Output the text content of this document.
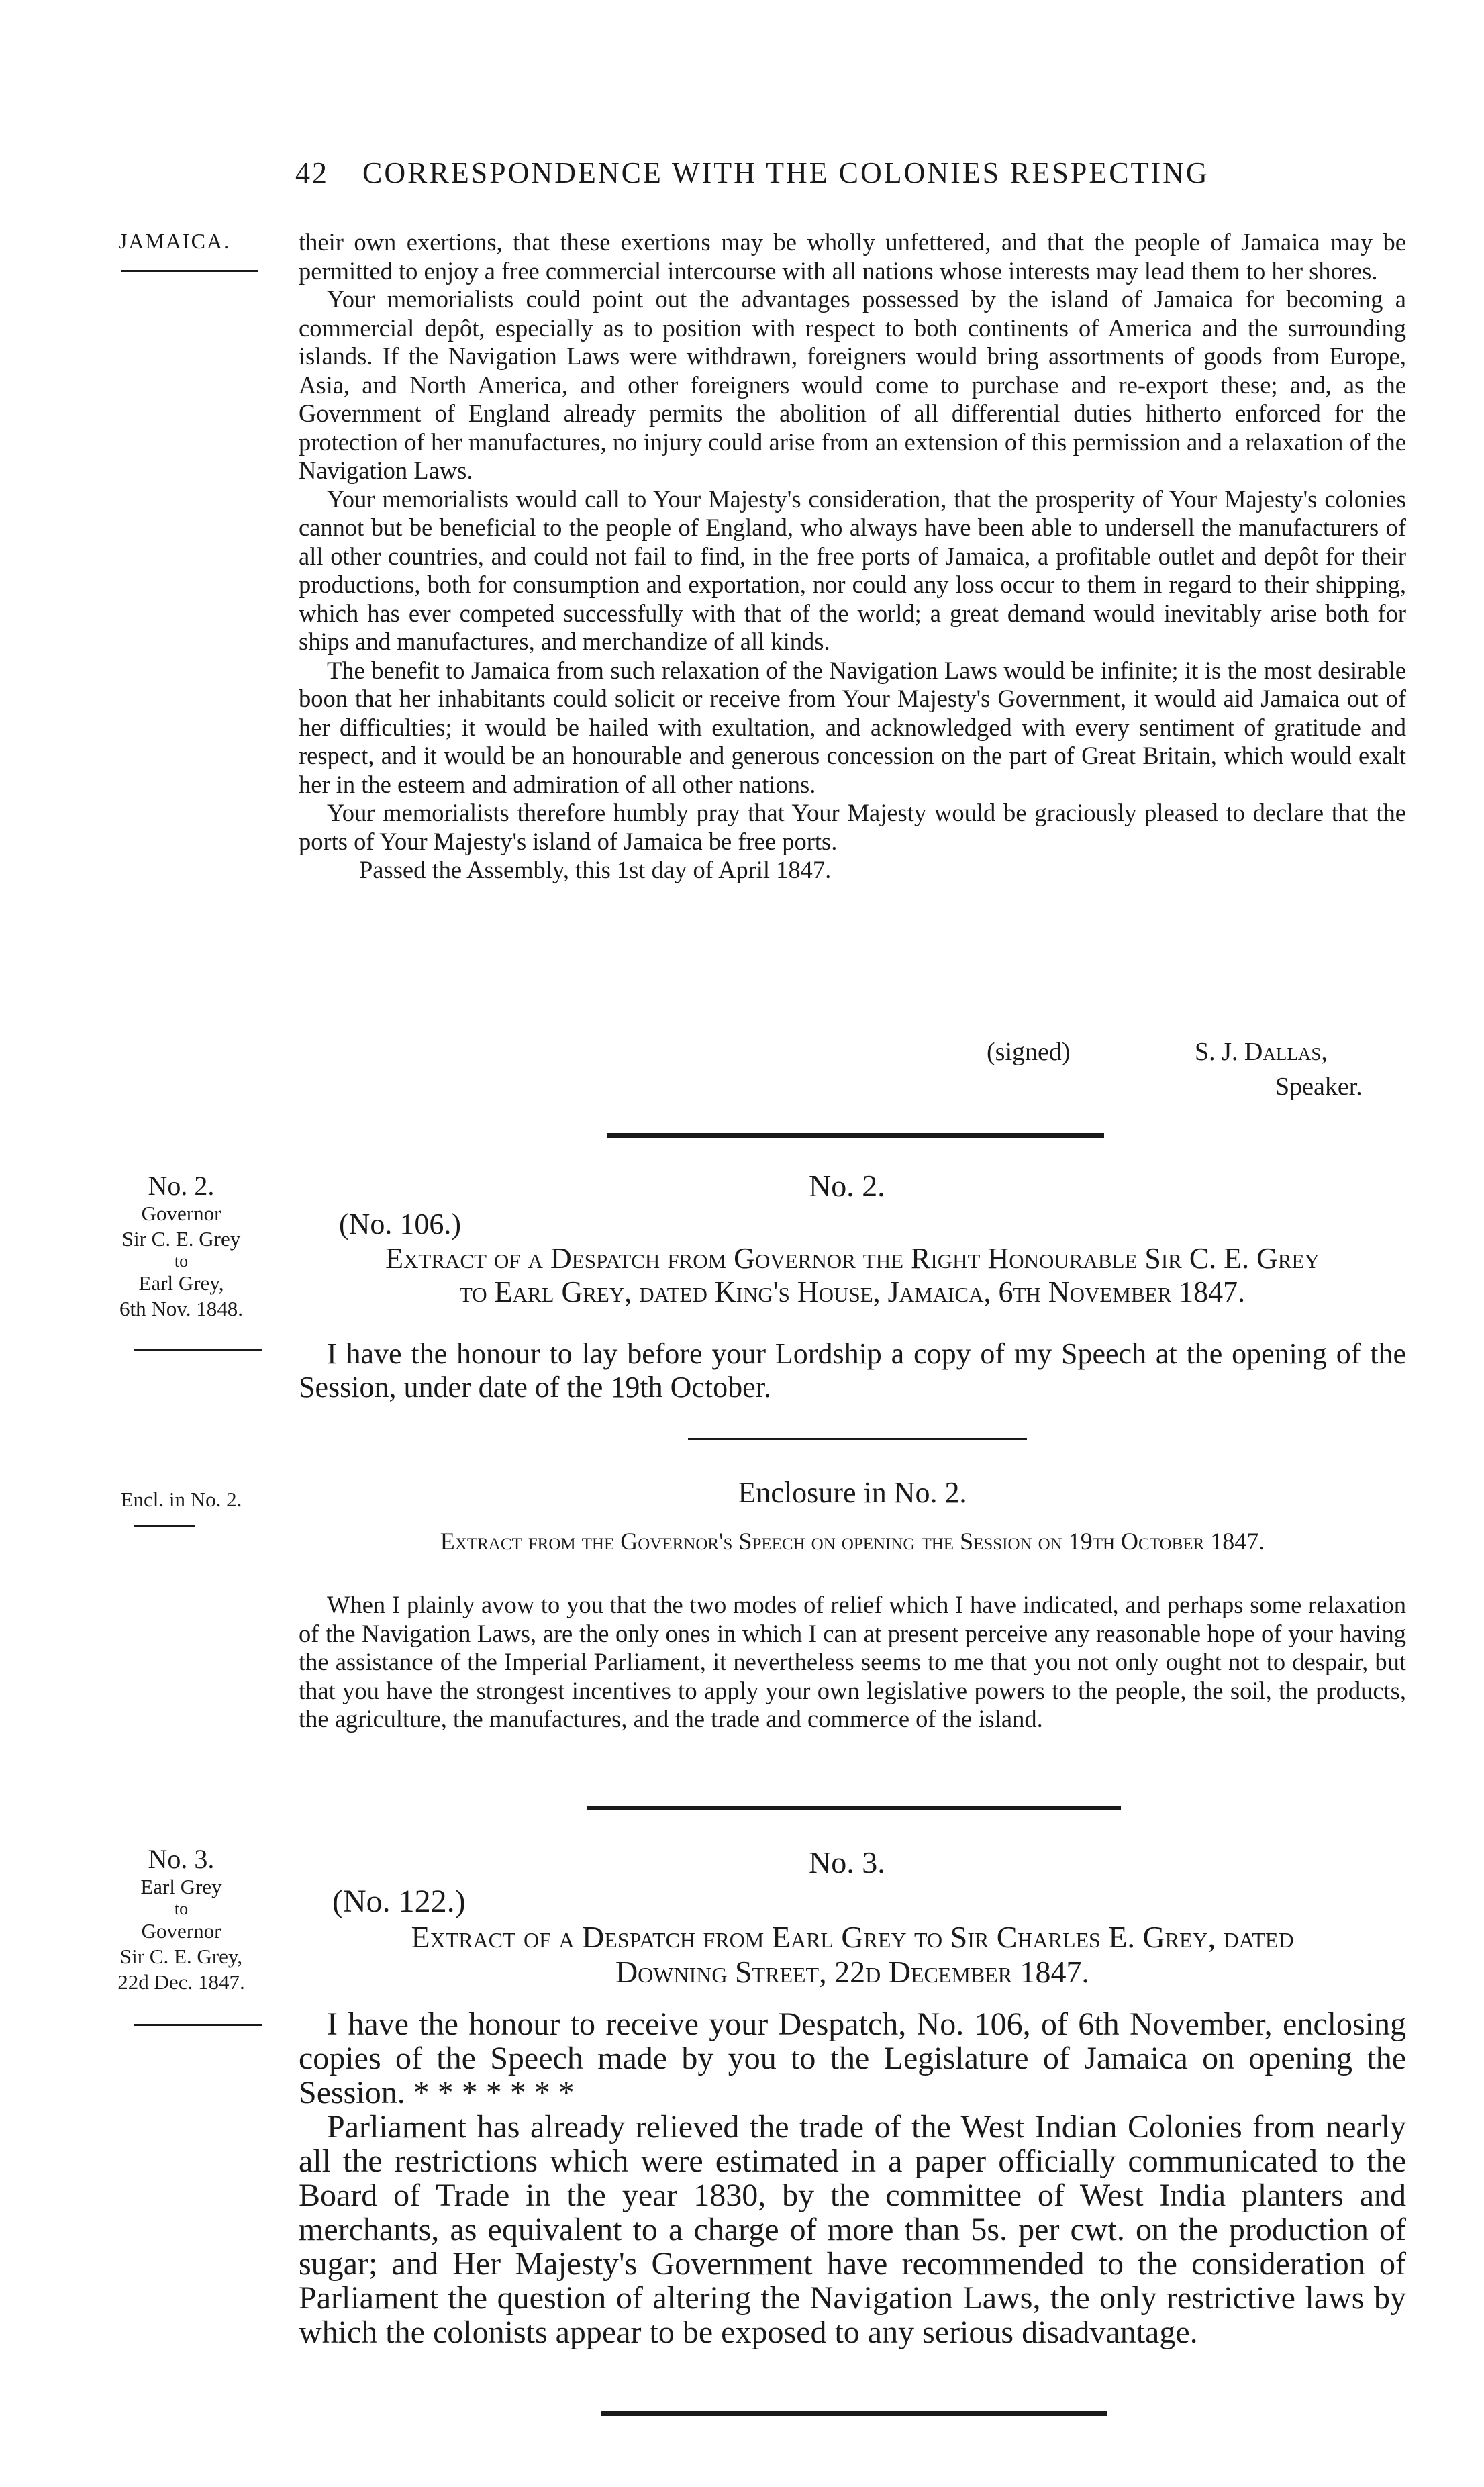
42 CORRESPONDENCE WITH THE COLONIES RESPECTING
JAMAICA.	their own exertions, that these exertions may be wholly unfettered, and that the people of Jamaica may be permitted to enjoy a free commercial intercourse with all nations whose interests may lead them to her shores.

Your memorialists could point out the advantages possessed by the island of Jamaica for becoming a commercial depôt, especially as to position with respect to both continents of America and the surrounding islands. If the Navigation Laws were withdrawn, foreigners would bring assortments of goods from Europe, Asia, and North America, and other foreigners would come to purchase and re-export these; and, as the Government of England already permits the abolition of all differential duties hitherto enforced for the protection of her manufactures, no injury could arise from an extension of this permission and a relaxation of the Navigation Laws.

Your memorialists would call to Your Majesty's consideration, that the prosperity of Your Majesty's colonies cannot but be beneficial to the people of England, who always have been able to undersell the manufacturers of all other countries, and could not fail to find, in the free ports of Jamaica, a profitable outlet and depôt for their productions, both for consumption and exportation, nor could any loss occur to them in regard to their shipping, which has ever competed successfully with that of the world; a great demand would inevitably arise both for ships and manufactures, and merchandize of all kinds.

The benefit to Jamaica from such relaxation of the Navigation Laws would be infinite; it is the most desirable boon that her inhabitants could solicit or receive from Your Majesty's Government, it would aid Jamaica out of her difficulties; it would be hailed with exultation, and acknowledged with every sentiment of gratitude and respect, and it would be an honourable and generous concession on the part of Great Britain, which would exalt her in the esteem and admiration of all other nations.

Your memorialists therefore humbly pray that Your Majesty would be graciously pleased to declare that the ports of Your Majesty's island of Jamaica be free ports.

Passed the Assembly, this 1st day of April 1847.

(signed)	S. J. Dallas,
Speaker.
No. 2.
Governor
Sir C. E. Grey
to
Earl Grey,
6th Nov. 1848.
No. 2.
(No. 106.)
Extract of a Despatch from Governor the Right Honourable Sir C. E. Grey
to Earl Grey, dated King's House, Jamaica, 6th November 1847.

I have the honour to lay before your Lordship a copy of my Speech at the opening of the Session, under date of the 19th October.

Encl. in No. 2.	Enclosure in No. 2.
Extract from the Governor's Speech on opening the Session on 19th October 1847.

When I plainly avow to you that the two modes of relief which I have indicated, and perhaps some relaxation of the Navigation Laws, are the only ones in which I can at present perceive any reasonable hope of your having the assistance of the Imperial Parliament, it nevertheless seems to me that you not only ought not to despair, but that you have the strongest incentives to apply your own legislative powers to the people, the soil, the products, the agriculture, the manufactures, and the trade and commerce of the island.

No. 3.
Earl Grey
to
Governor
Sir C. E. Grey,
22d Dec. 1847.
No. 3.
(No. 122.)
Extract of a Despatch from Earl Grey to Sir Charles E. Grey, dated
Downing Street, 22d December 1847.

I have the honour to receive your Despatch, No. 106, of 6th November, enclosing copies of the Speech made by you to the Legislature of Jamaica on opening the Session. * * * * * * *

Parliament has already relieved the trade of the West Indian Colonies from nearly all the restrictions which were estimated in a paper officially communicated to the Board of Trade in the year 1830, by the committee of West India planters and merchants, as equivalent to a charge of more than 5s. per cwt. on the production of sugar; and Her Majesty's Government have recommended to the consideration of Parliament the question of altering the Navigation Laws, the only restrictive laws by which the colonists appear to be exposed to any serious disadvantage.
